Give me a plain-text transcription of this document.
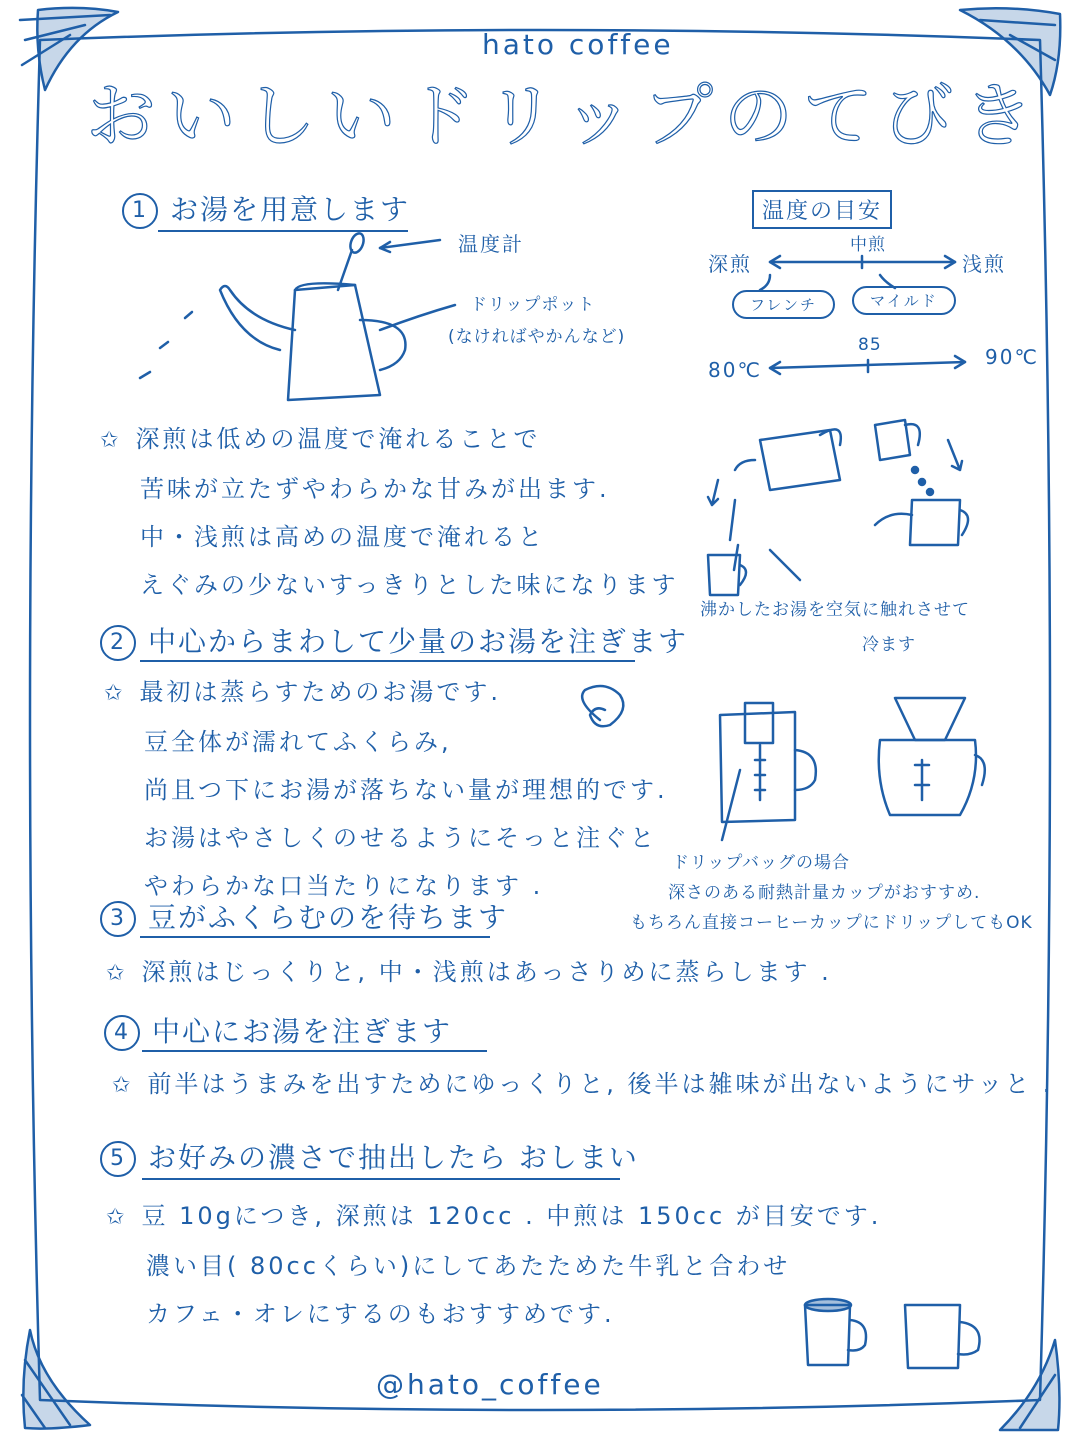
hato coffee
おいしいドリップのてびき
1 お湯を用意します
温度計
ドリップポット
(なければやかんなど)
✩ 深煎は低めの温度で淹れることで
苦味が立たずやわらかな甘みが出ます.
中・浅煎は高めの温度で淹れると
えぐみの少ないすっきりとした味になります
温度の目安
深煎
中煎
浅煎
フレンチ	マイルド
80℃
85	90℃
沸かしたお湯を空気に触れさせて
冷ます
2 中心からまわして少量のお湯を注ぎます
✩ 最初は蒸らすためのお湯です.
豆全体が濡れてふくらみ,
尚且つ下にお湯が落ちない量が理想的です.
お湯はやさしくのせるようにそっと注ぐと
やわらかな口当たりになります .
ドリップバッグの場合
深さのある耐熱計量カップがおすすめ.
もちろん直接コーヒーカップにドリップしてもOK
3 豆がふくらむのを待ちます
✩ 深煎はじっくりと, 中・浅煎はあっさりめに蒸らします .
4 中心にお湯を注ぎます
✩ 前半はうまみを出すためにゆっくりと, 後半は雑味が出ないようにサッと .
5 お好みの濃さで抽出したら おしまい
✩ 豆 10gにつき, 深煎は 120cc . 中煎は 150cc が目安です.
濃い目( 80ccくらい)にしてあたためた牛乳と合わせ
カフェ・オレにするのもおすすめです.
@hato_coffee
